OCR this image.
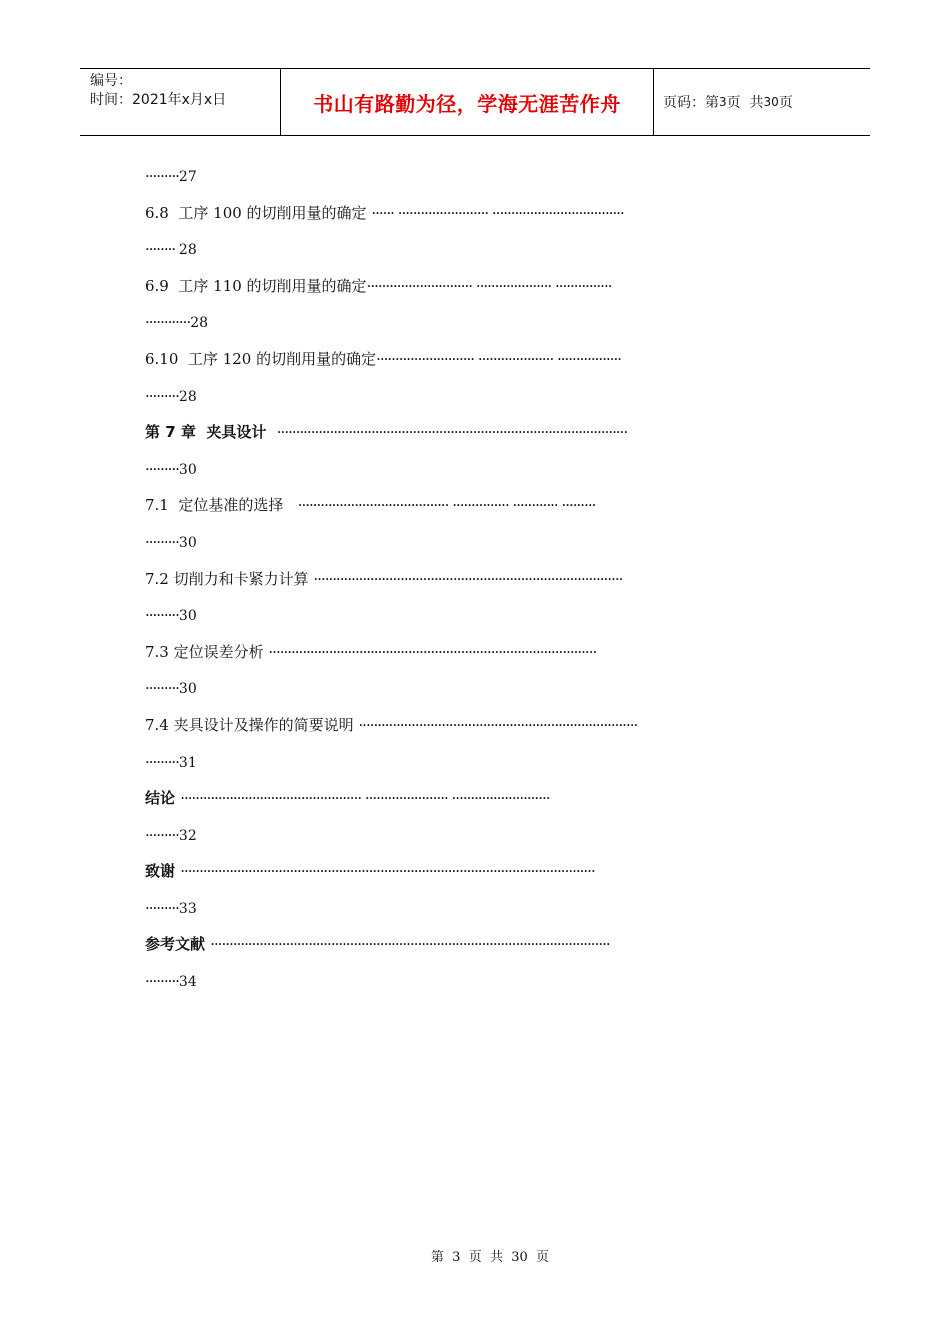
编号：
时间：2021年x月x日	书山有路勤为径，学海无涯苦作舟	页码：第 3 页  共 30 页
·········27
6.8  工序 100 的切削用量的确定 ······ ························ ···································
········ 28
6.9  工序 110 的切削用量的确定···························· ···················· ···············
············28
6.10  工序 120 的切削用量的确定·························· ···················· ·················
·········28
第 7 章  夹具设计  ·····························································································
·········30
7.1  定位基准的选择   ········································ ··············· ············ ·········
·········30
7.2 切削力和卡紧力计算 ··················································································
·········30
7.3 定位误差分析 ·······················································································
·········30
7.4 夹具设计及操作的简要说明 ··········································································
·········31
结论 ················································ ······················ ··························
·········32
致谢 ··············································································································
·········33
参考文献 ··········································································································
·········34
第  3  页  共  30  页
